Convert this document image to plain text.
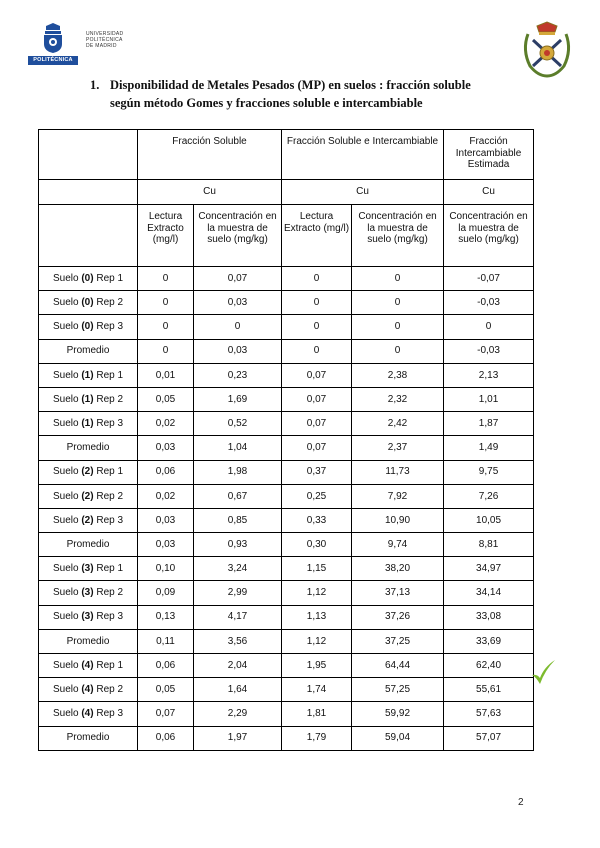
POLITÉCNICA
UNIVERSIDAD
POLITÉCNICA
DE MADRID
1. Disponibilidad de Metales Pesados (MP) en suelos : fracción soluble
según método Gomes y fracciones soluble e intercambiable
	Fracción Soluble		Fracción Soluble e Intercambiable		Fracción Intercambiable Estimada
	Cu		Cu		Cu
	Lectura Extracto (mg/l)	Concentración en la muestra de suelo (mg/kg)	Lectura Extracto (mg/l)	Concentración en la muestra de suelo (mg/kg)	Concentración en la muestra de suelo (mg/kg)
Suelo (0) Rep 1	0	0,07	0	0	-0,07
Suelo (0) Rep 2	0	0,03	0	0	-0,03
Suelo (0) Rep 3	0	0	0	0	0
Promedio	0	0,03	0	0	-0,03
Suelo (1) Rep 1	0,01	0,23	0,07	2,38	2,13
Suelo (1) Rep 2	0,05	1,69	0,07	2,32	1,01
Suelo (1) Rep 3	0,02	0,52	0,07	2,42	1,87
Promedio	0,03	1,04	0,07	2,37	1,49
Suelo (2) Rep 1	0,06	1,98	0,37	11,73	9,75
Suelo (2) Rep 2	0,02	0,67	0,25	7,92	7,26
Suelo (2) Rep 3	0,03	0,85	0,33	10,90	10,05
Promedio	0,03	0,93	0,30	9,74	8,81
Suelo (3) Rep 1	0,10	3,24	1,15	38,20	34,97
Suelo (3) Rep 2	0,09	2,99	1,12	37,13	34,14
Suelo (3) Rep 3	0,13	4,17	1,13	37,26	33,08
Promedio	0,11	3,56	1,12	37,25	33,69
Suelo (4) Rep 1	0,06	2,04	1,95	64,44	62,40
Suelo (4) Rep 2	0,05	1,64	1,74	57,25	55,61
Suelo (4) Rep 3	0,07	2,29	1,81	59,92	57,63
Promedio	0,06	1,97	1,79	59,04	57,07
2
